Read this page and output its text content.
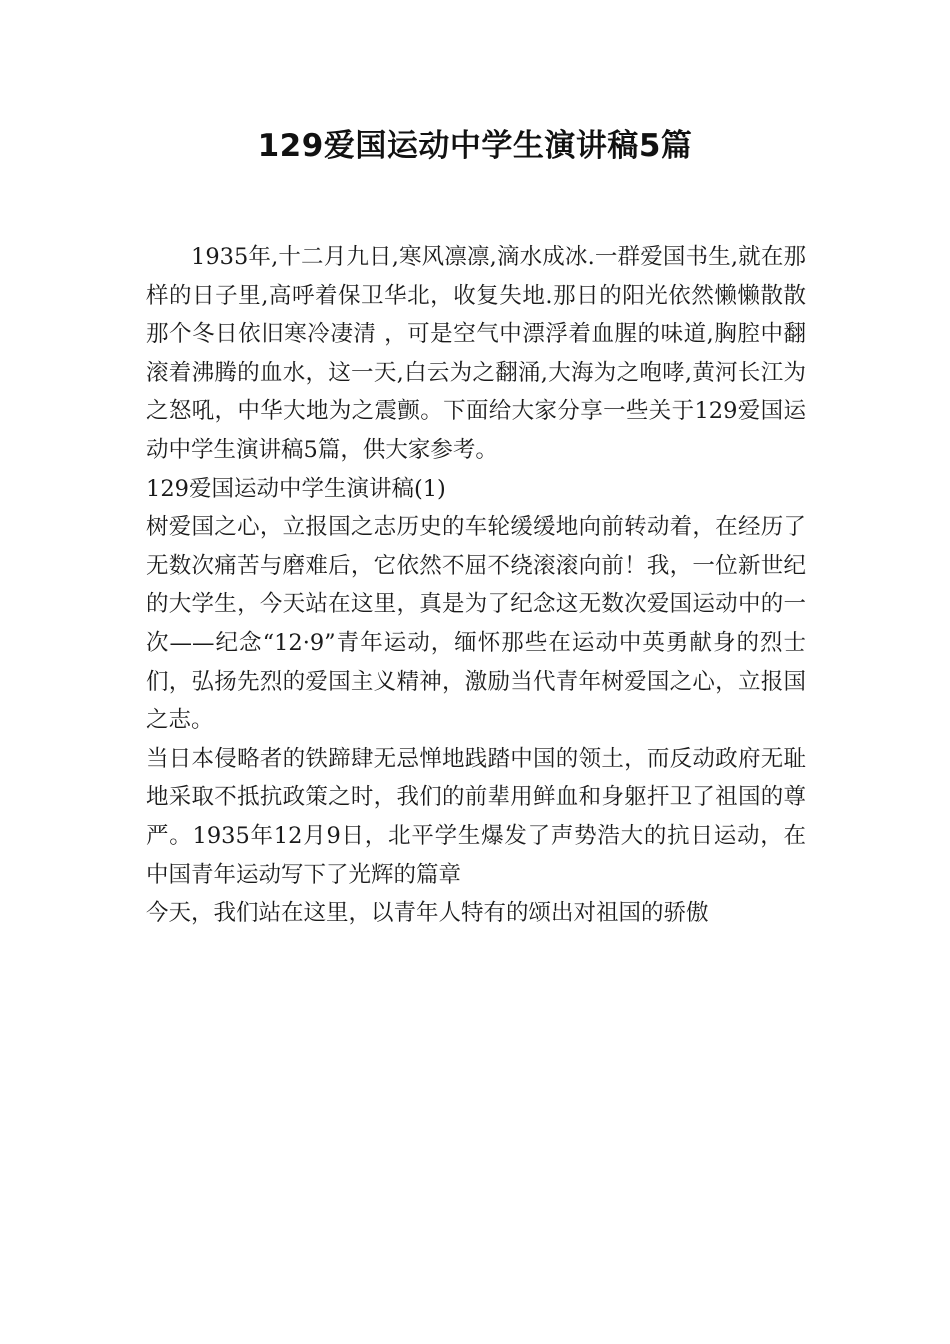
129爱国运动中学生演讲稿5篇

1935年,十二月九日,寒风凛凛,滴水成冰.一群爱国书生,就在那样的日子里,高呼着保卫华北，收复失地.那日的阳光依然懒懒散散那个冬日依旧寒冷凄清 ，可是空气中漂浮着血腥的味道,胸腔中翻滚着沸腾的血水，这一天,白云为之翻涌,大海为之咆哮,黄河长江为之怒吼，中华大地为之震颤。下面给大家分享一些关于129爱国运动中学生演讲稿5篇，供大家参考。

129爱国运动中学生演讲稿(1)

树爱国之心，立报国之志历史的车轮缓缓地向前转动着，在经历了无数次痛苦与磨难后，它依然不屈不绕滚滚向前！我，一位新世纪的大学生，今天站在这里，真是为了纪念这无数次爱国运动中的一次——纪念“12·9”青年运动，缅怀那些在运动中英勇献身的烈士们，弘扬先烈的爱国主义精神，激励当代青年树爱国之心，立报国之志。

当日本侵略者的铁蹄肆无忌惮地践踏中国的领土，而反动政府无耻地采取不抵抗政策之时，我们的前辈用鲜血和身躯扞卫了祖国的尊严。1935年12月9日，北平学生爆发了声势浩大的抗日运动，在中国青年运动写下了光辉的篇章

今天，我们站在这里，以青年人特有的颂出对祖国的骄傲
